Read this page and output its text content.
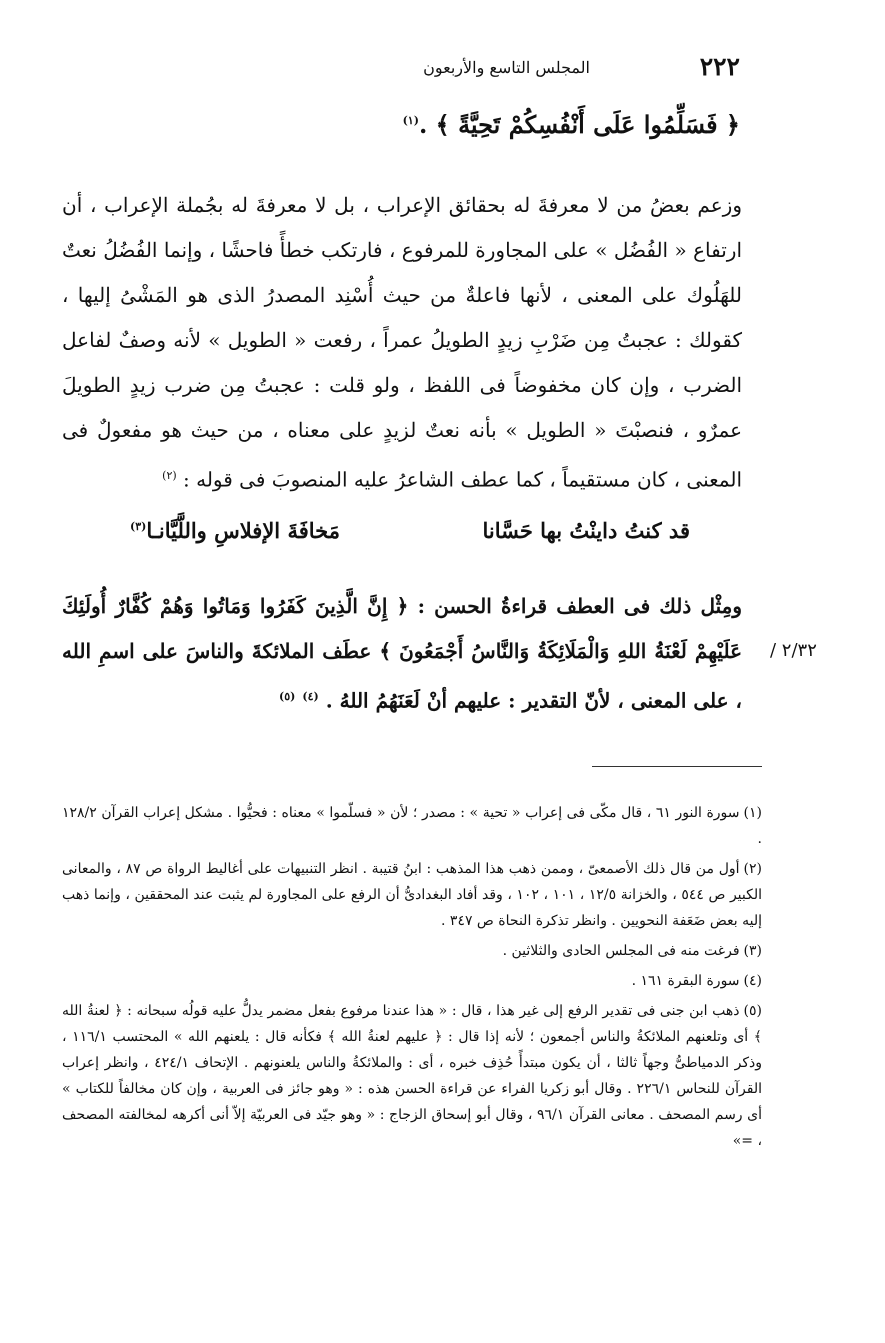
٢٢٢
المجلس التاسع والأربعون
﴿ فَسَلِّمُوا عَلَى أَنْفُسِكُمْ تَحِيَّةً ﴾ .$^{(١)}$
وزعم بعضُ من لا معرفةَ له بحقائق الإعراب ، بل لا معرفةَ له بجُملة الإعراب ، أن ارتفاع « الفُضُل » على المجاورة للمرفوع ، فارتكب خطأً فاحشًا ، وإنما الفُضُلُ نعتٌ للهَلُوك على المعنى ، لأنها فاعلةٌ من حيث أُسْنِد المصدرُ الذى هو المَشْىُ إليها ، كقولك : عجبتُ مِن ضَرْبِ زيدٍ الطويلُ عمراً ، رفعت « الطويل » لأنه وصفٌ لفاعل الضرب ، وإن كان مخفوضاً فى اللفظ ، ولو قلت : عجبتُ مِن ضرب زيدٍ الطويلَ عمرٌو ، فنصبْتَ « الطويل » بأنه نعتٌ لزيدٍ على معناه ، من حيث هو مفعولٌ فى المعنى ، كان مستقيماً ، كما عطف الشاعرُ عليه المنصوبَ فى قوله : $^{(٢)}$
قد كنتُ داينْتُ بها حَسَّانا
مَخافَةَ الإفلاسِ واللَّيَّانـا$^{(٣)}$
ومِثْل ذلك فى العطف قراءةُ الحسن : ﴿ إِنَّ الَّذِينَ كَفَرُوا وَمَاتُوا وَهُمْ كُفَّارٌ أُولَئِكَ عَلَيْهِمْ لَعْنَةُ اللهِ وَالْمَلَائِكَةُ وَالنَّاسُ أَجْمَعُونَ ﴾ عطَف الملائكةَ والناسَ على اسمِ الله ، على المعنى ، لأنّ التقدير : عليهم أنْ لَعَنَهُمُ اللهُ . $^{(٤)}$ $^{(٥)}$
٢/٣٢ /

(١)سورة النور ٦١ ، قال مكّى فى إعراب « تحية » : مصدر ؛ لأن « فسلّموا » معناه : فحيُّوا . مشكل إعراب القرآن ١٢٨/٢ .

(٢)أول من قال ذلك الأصمعىّ ، وممن ذهب هذا المذهب : ابنُ قتيبة . انظر التنبيهات على أغاليط الرواة ص ٨٧ ، والمعانى الكبير ص ٥٤٤ ، والخزانة ١٢/٥ ، ١٠١ ، ١٠٢ ، وقد أفاد البغدادىُّ أن الرفع على المجاورة لم يثبت عند المحققين ، وإنما ذهب إليه بعض ضَعَفة النحويين . وانظر تذكرة النحاة ص ٣٤٧ .

(٣)فرغت منه فى المجلس الحادى والثلاثين .

(٤)سورة البقرة ١٦١ .

(٥)ذهب ابن جنى فى تقدير الرفع إلى غير هذا ، قال : « هذا عندنا مرفوع بفعل مضمر يدلُّ عليه قولُه سبحانه : ﴿ لعنةُ الله ﴾ أى وتلعنهم الملائكةُ والناس أجمعون ؛ لأنه إذا قال : ﴿ عليهم لعنةُ الله ﴾ فكأنه قال : يلعنهم الله » المحتسب ١١٦/١ ، وذكر الدمياطىُّ وجهاً ثالثا ، أن يكون مبتدأً حُذِف خبره ، أى : والملائكةُ والناس يلعنونهم . الإتحاف ٤٢٤/١ ، وانظر إعراب القرآن للنحاس ٢٢٦/١ . وقال أبو زكريا الفراء عن قراءة الحسن هذه : « وهو جائز فى العربية ، وإن كان مخالفاً للكتاب » أى رسم المصحف . معانى القرآن ٩٦/١ ، وقال أبو إسحاق الزجاج : « وهو جيّد فى العربيّة إلاّ أنى أكرهه لمخالفته المصحف ، =»
